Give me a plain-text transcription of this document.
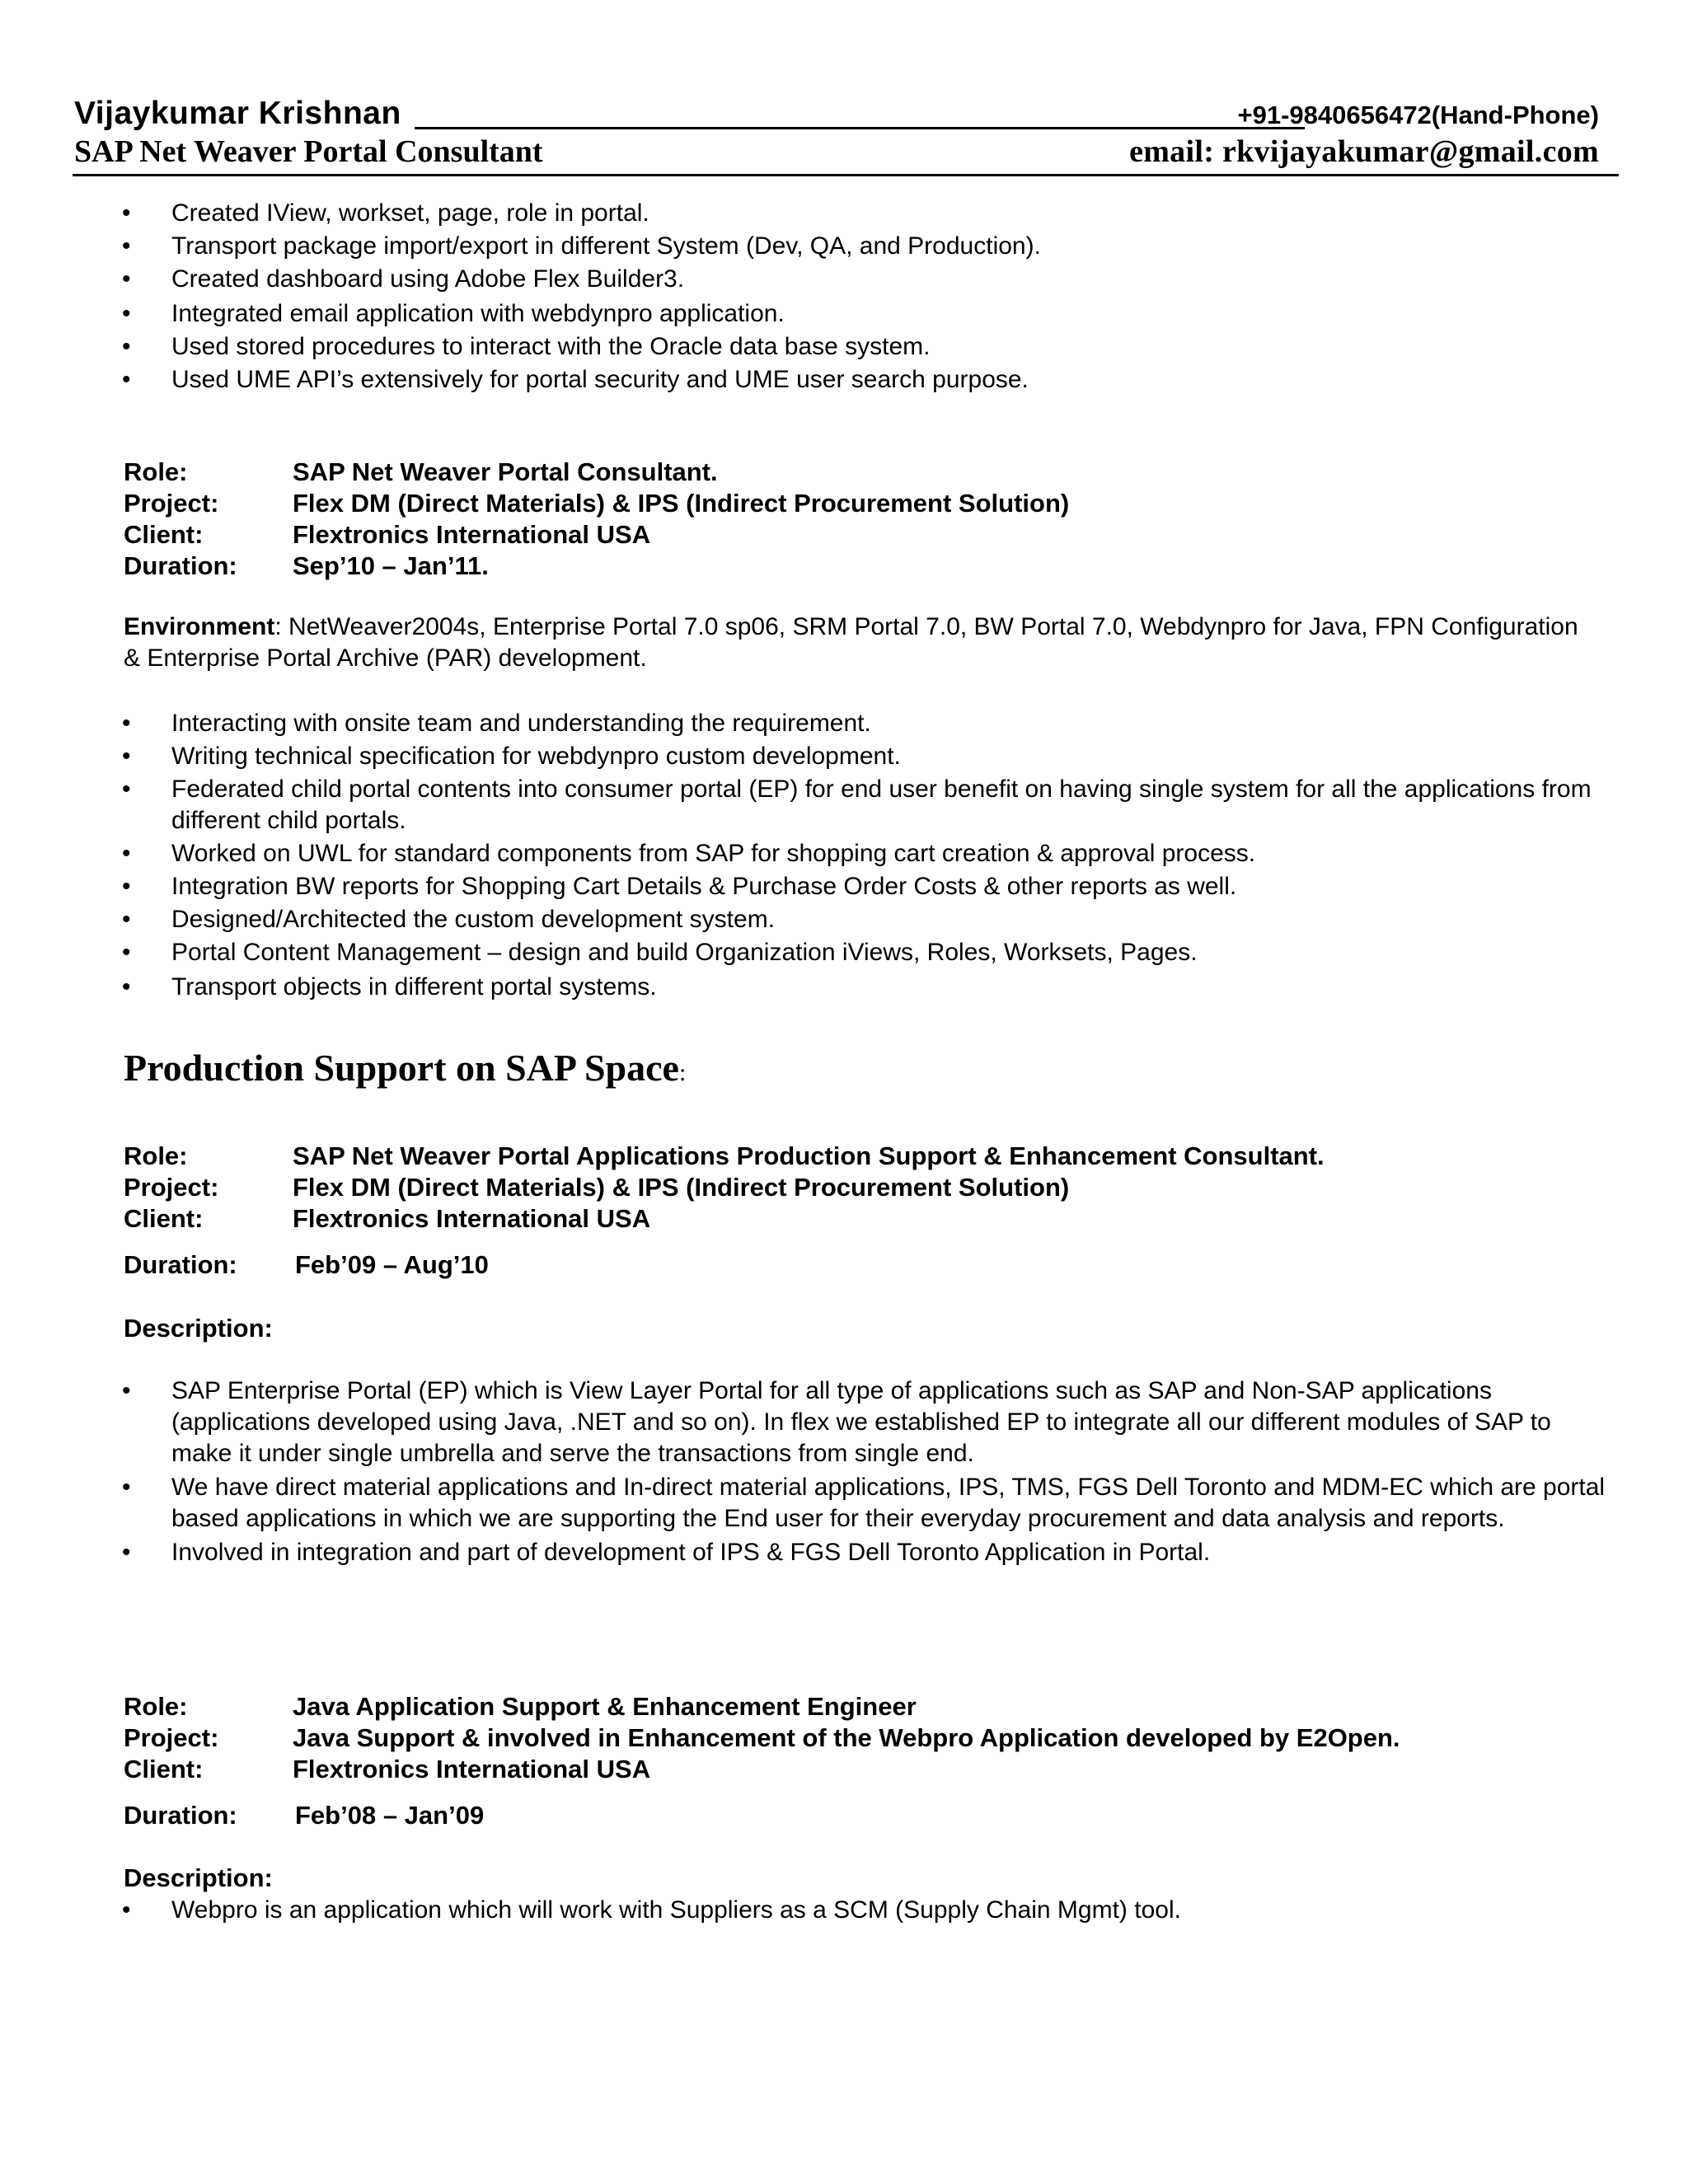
Vijaykumar Krishnan	+91-9840656472(Hand-Phone)
SAP Net Weaver Portal Consultant	email: rkvijayakumar@gmail.com
• Created IView, workset, page, role in portal.
• Transport package import/export in different System (Dev, QA, and Production).
• Created dashboard using Adobe Flex Builder3.
• Integrated email application with webdynpro application.
• Used stored procedures to interact with the Oracle data base system.
• Used UME API’s extensively for portal security and UME user search purpose.
Role:	SAP Net Weaver Portal Consultant.
Project:	Flex DM (Direct Materials) & IPS (Indirect Procurement Solution)
Client:	Flextronics International USA
Duration: Sep’10 – Jan’11.
Environment: NetWeaver2004s, Enterprise Portal 7.0 sp06, SRM Portal 7.0, BW Portal 7.0, Webdynpro for Java, FPN Configuration & Enterprise Portal Archive (PAR) development.
• Interacting with onsite team and understanding the requirement.
• Writing technical specification for webdynpro custom development.
• Federated child portal contents into consumer portal (EP) for end user benefit on having single system for all the applications from different child portals.
• Worked on UWL for standard components from SAP for shopping cart creation & approval process.
• Integration BW reports for Shopping Cart Details & Purchase Order Costs & other reports as well.
• Designed/Architected the custom development system.
• Portal Content Management – design and build Organization iViews, Roles, Worksets, Pages.
• Transport objects in different portal systems.
Production Support on SAP Space:
Role:	SAP Net Weaver Portal Applications Production Support & Enhancement Consultant.
Project:	Flex DM (Direct Materials) & IPS (Indirect Procurement Solution)
Client:	Flextronics International USA
Duration: Feb’09 – Aug’10
Description:
• SAP Enterprise Portal (EP) which is View Layer Portal for all type of applications such as SAP and Non-SAP applications (applications developed using Java, .NET and so on). In flex we established EP to integrate all our different modules of SAP to make it under single umbrella and serve the transactions from single end.
• We have direct material applications and In-direct material applications, IPS, TMS, FGS Dell Toronto and MDM-EC which are portal based applications in which we are supporting the End user for their everyday procurement and data analysis and reports.
• Involved in integration and part of development of IPS & FGS Dell Toronto Application in Portal.
Role:	Java Application Support & Enhancement Engineer
Project:	Java Support & involved in Enhancement of the Webpro Application developed by E2Open.
Client:	Flextronics International USA
Duration: Feb’08 – Jan’09
Description:
• Webpro is an application which will work with Suppliers as a SCM (Supply Chain Mgmt) tool.
